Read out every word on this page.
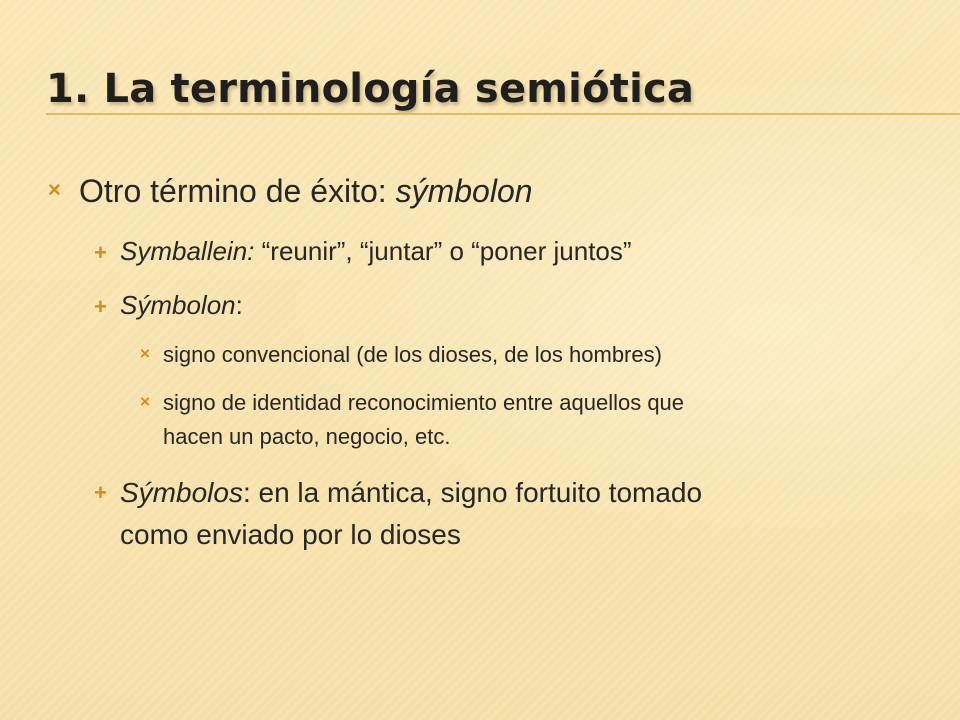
1. La terminología semiótica
× Otro término de éxito: sýmbolon
+ Symballein: “reunir”, “juntar” o “poner juntos”
+ Sýmbolon:
× signo convencional (de los dioses, de los hombres)
× signo de identidad reconocimiento entre aquellos que
hacen un pacto, negocio, etc.
+ Sýmbolos: en la mántica, signo fortuito tomado
como enviado por lo dioses
